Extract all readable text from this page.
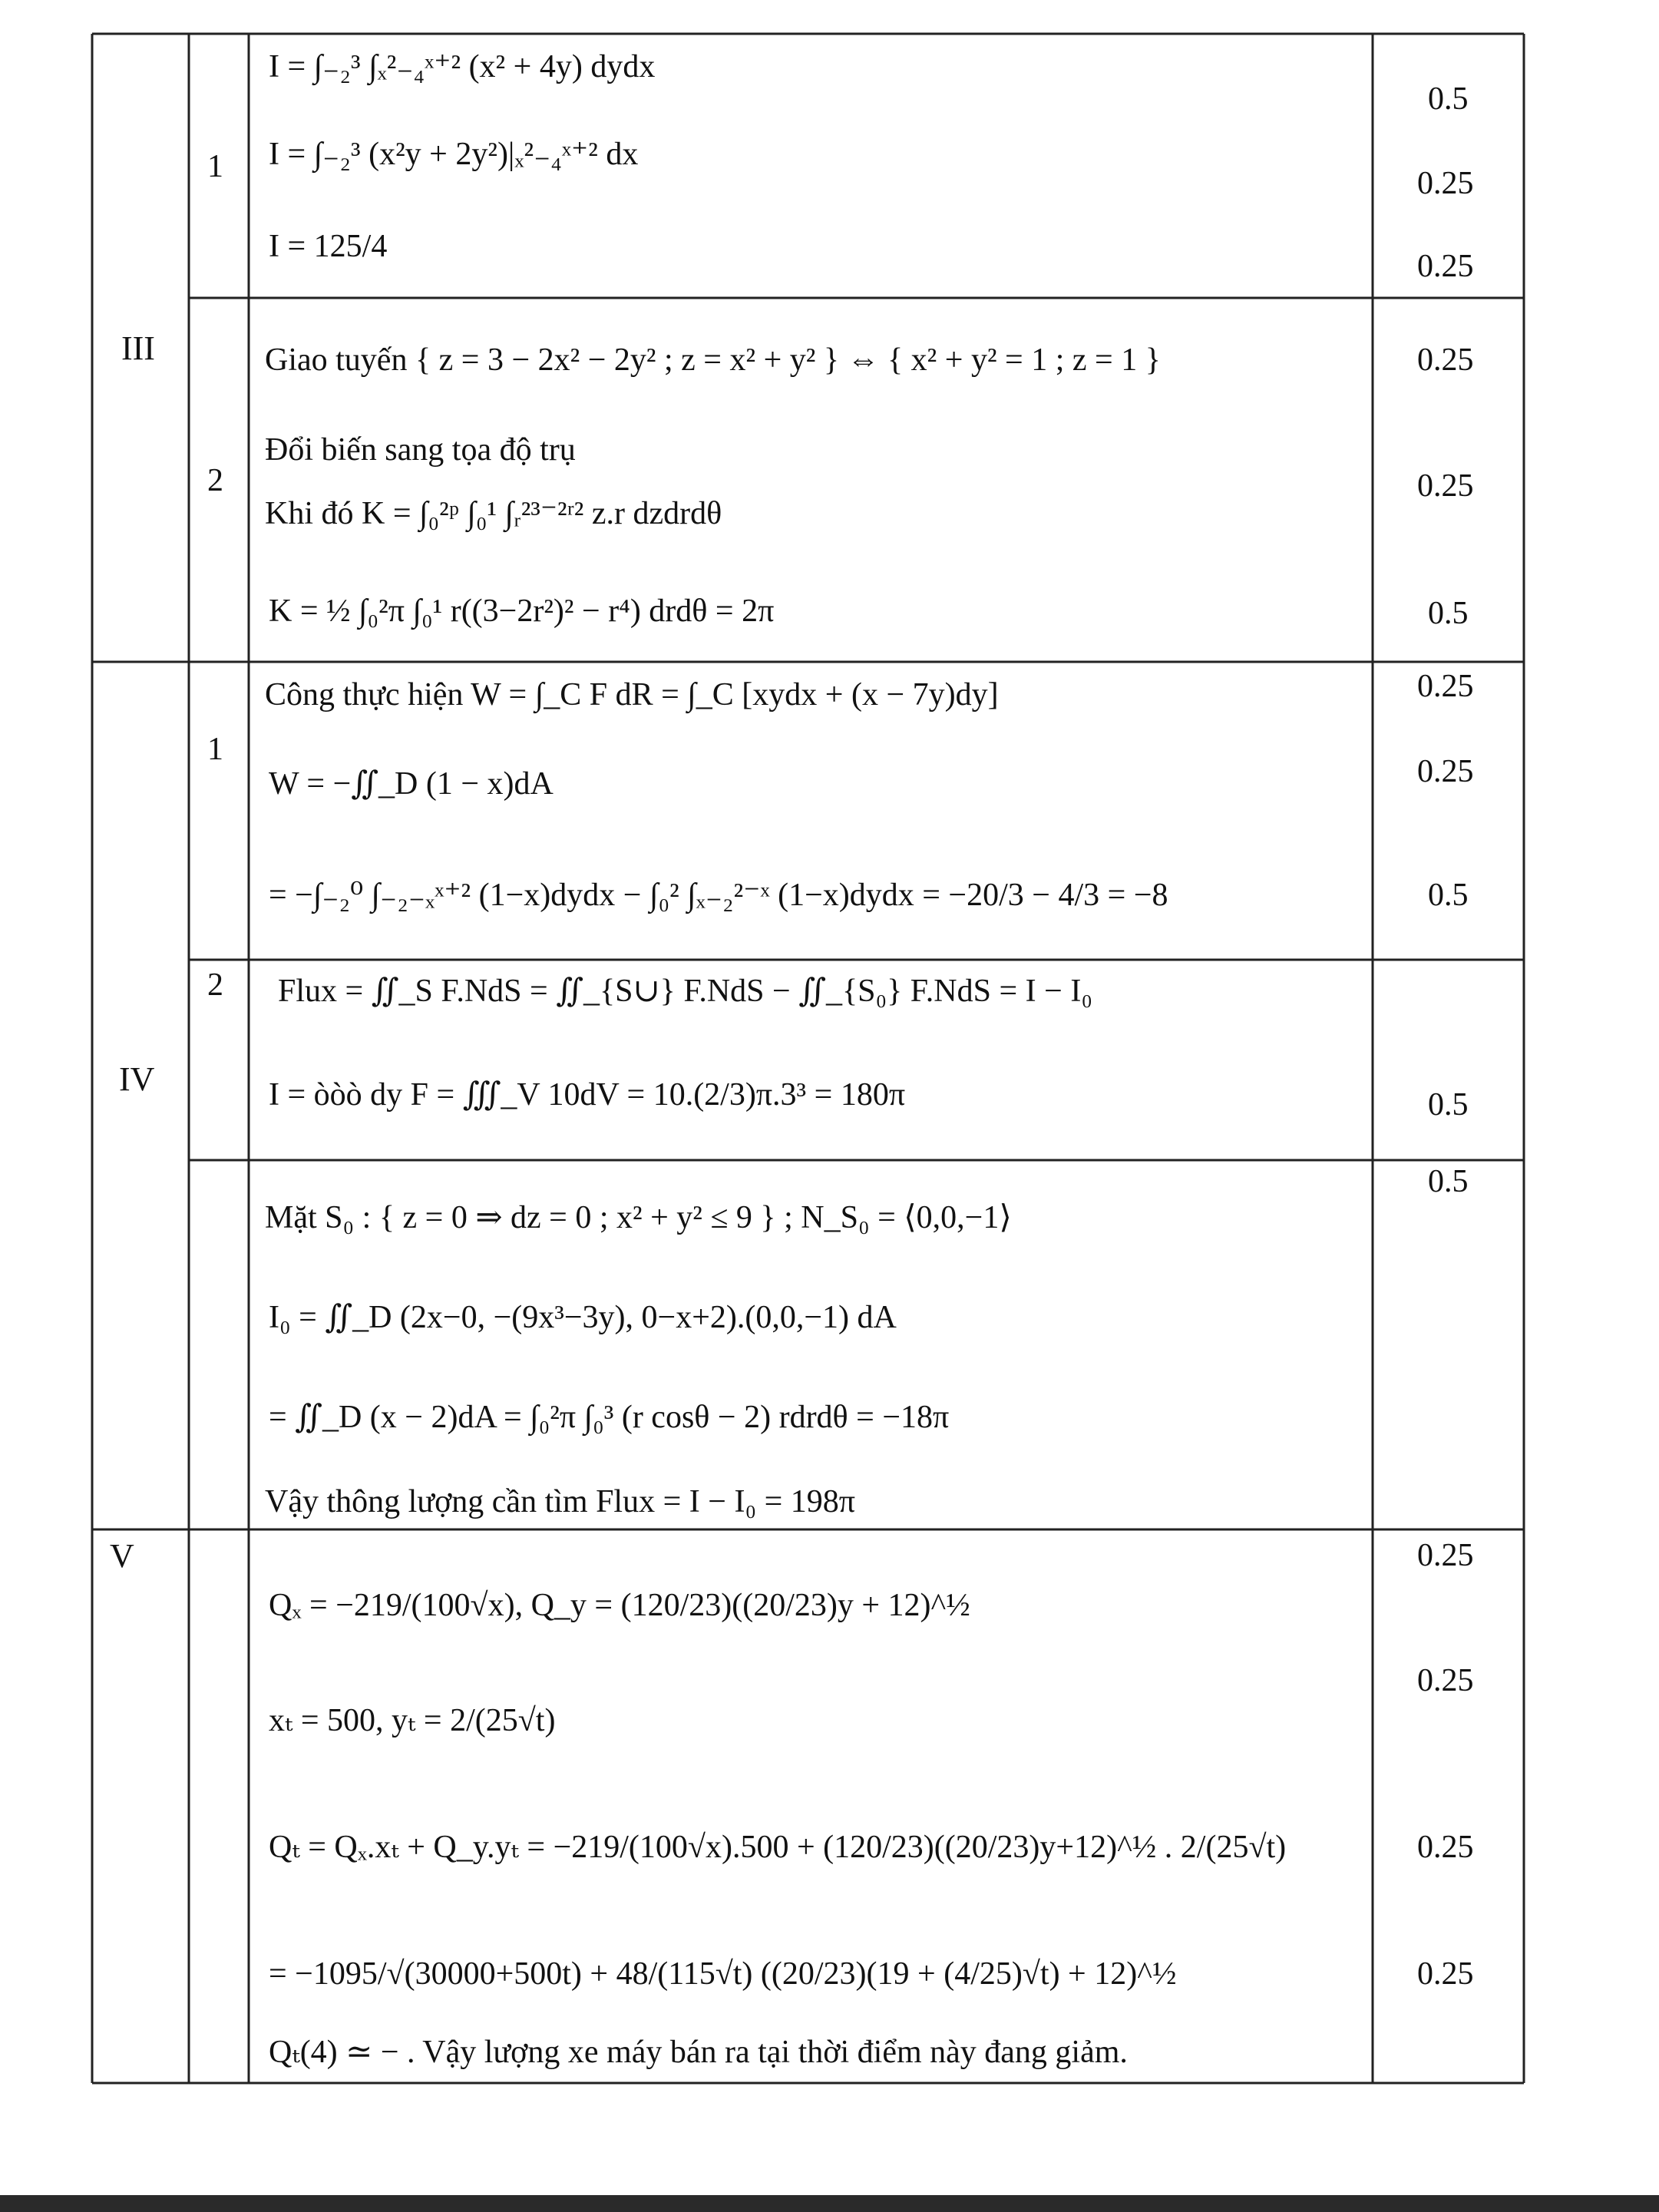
III
IV
V
1
2
1
2
I = ∫₋₂³ ∫ₓ²₋₄ˣ⁺² (x² + 4y) dydx
I = ∫₋₂³ (x²y + 2y²)|ₓ²₋₄ˣ⁺² dx
I = 125/4
Giao tuyến { z = 3 − 2x² − 2y² ; z = x² + y² } ⇔ { x² + y² = 1 ; z = 1 }
Đổi biến sang tọa độ trụ
Khi đó K = ∫₀²ᵖ ∫₀¹ ∫ᵣ²³⁻²ʳ² z.r dzdrdθ
K = ½ ∫₀²π ∫₀¹ r((3−2r²)² − r⁴) drdθ = 2π
Công thực hiện W = ∫_C F dR = ∫_C [xydx + (x − 7y)dy]
W = −∬_D (1 − x)dA
= −∫₋₂⁰ ∫₋₂₋ₓˣ⁺² (1−x)dydx − ∫₀² ∫ₓ₋₂²⁻ˣ (1−x)dydx = −20/3 − 4/3 = −8
Flux = ∬_S F.NdS = ∬_{S∪} F.NdS − ∬_{S₀} F.NdS = I − I₀
I = òòò dy F = ∭_V 10dV = 10.(2/3)π.3³ = 180π
Mặt S₀ : { z = 0 ⇒ dz = 0 ; x² + y² ≤ 9 } ; N_S₀ = ⟨0,0,−1⟩
I₀ = ∬_D (2x−0, −(9x³−3y), 0−x+2).(0,0,−1) dA
= ∬_D (x − 2)dA = ∫₀²π ∫₀³ (r cosθ − 2) rdrdθ = −18π
Vậy thông lượng cần tìm Flux = I − I₀ = 198π
Qₓ = −219/(100√x), Q_y = (120/23)((20/23)y + 12)^½
xₜ = 500, yₜ = 2/(25√t)
Qₜ = Qₓ.xₜ + Q_y.yₜ = −219/(100√x).500 + (120/23)((20/23)y+12)^½ . 2/(25√t)
= −1095/√(30000+500t) + 48/(115√t) ((20/23)(19 + (4/25)√t) + 12)^½
Qₜ(4) ≃ − . Vậy lượng xe máy bán ra tại thời điểm này đang giảm.
0.5
0.25
0.25
0.25
0.25
0.5
0.25
0.25
0.5
0.5
0.5
0.25
0.25
0.25
0.25
